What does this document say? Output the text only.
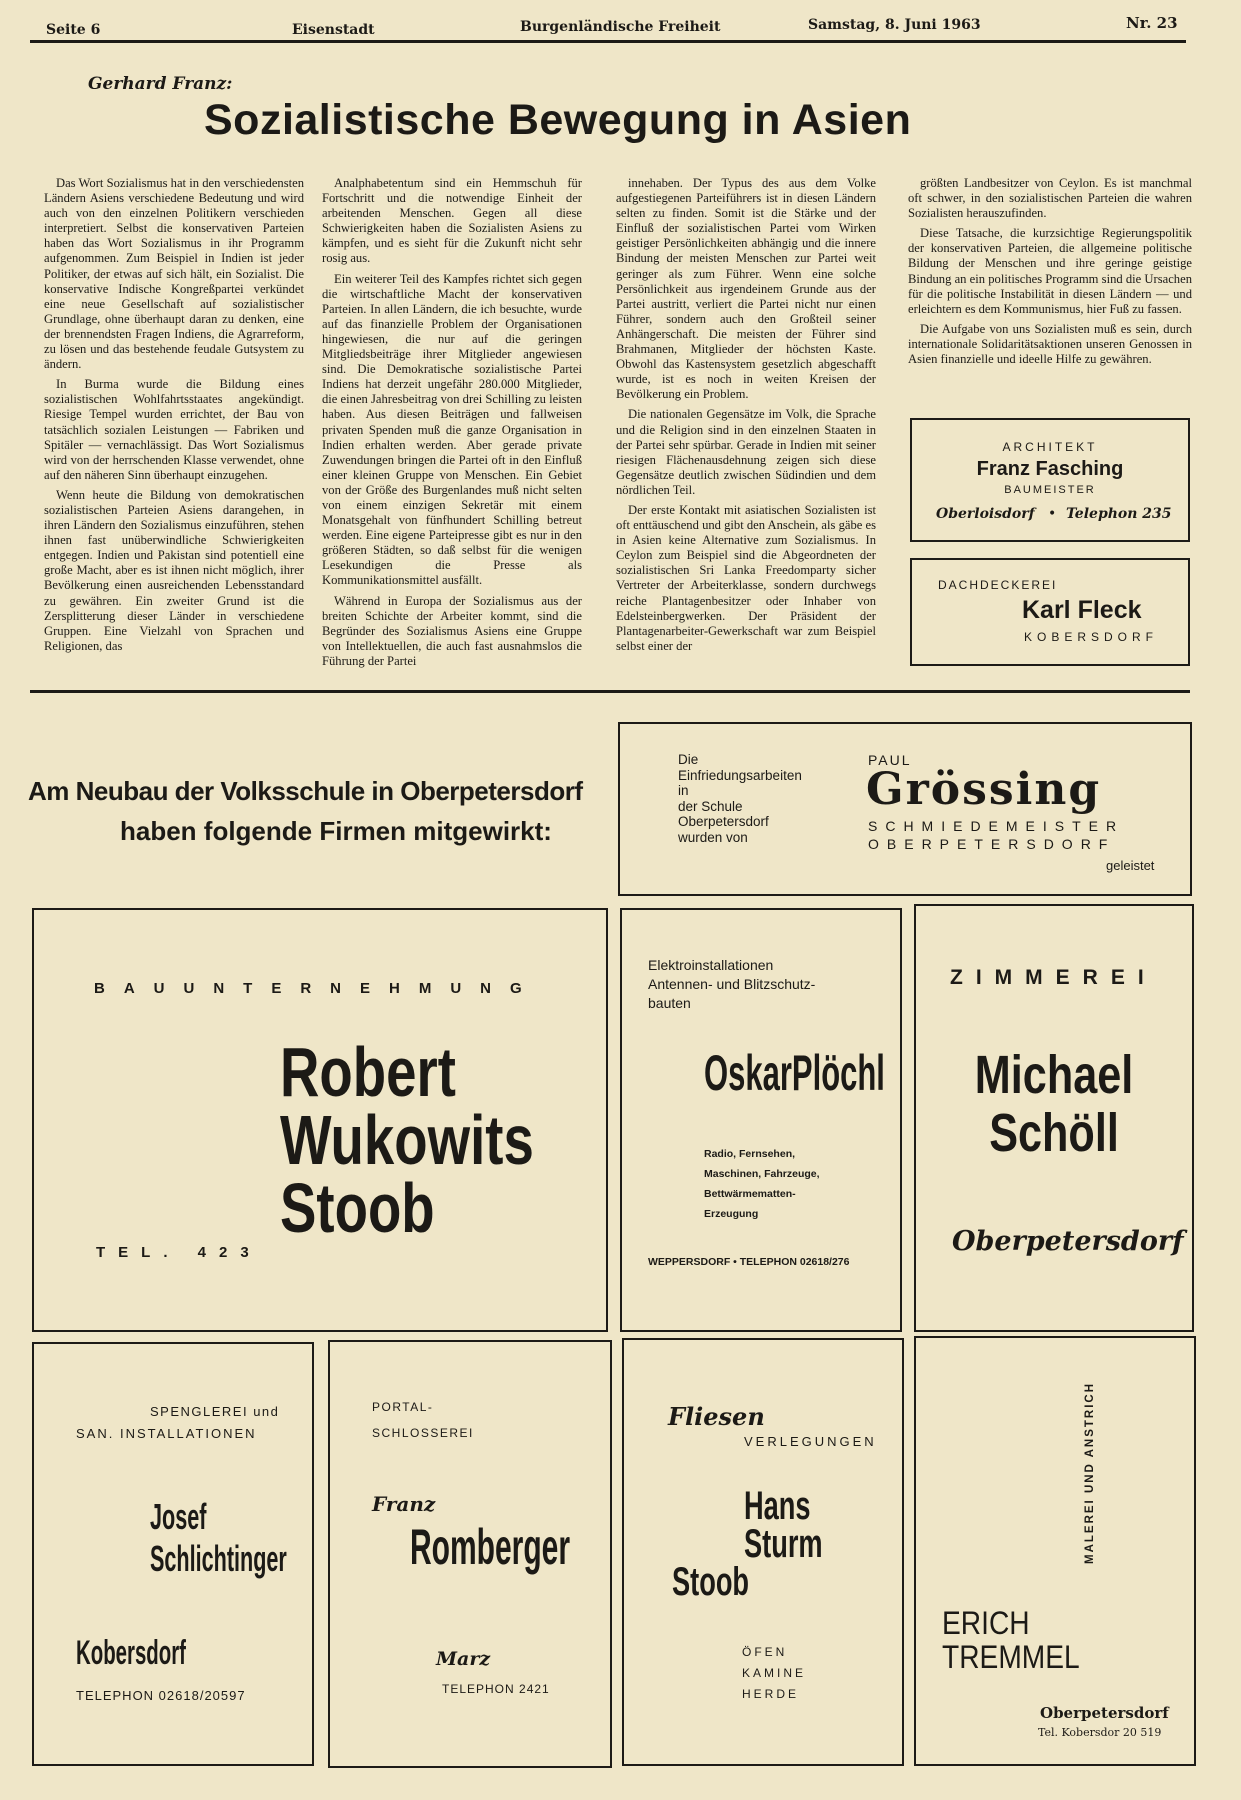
Seite 6	Eisenstadt	Burgenländische Freiheit	Samstag, 8. Juni 1963	Nr. 23
Gerhard Franz:
Sozialistische Bewegung in Asien

Das Wort Sozialismus hat in den verschiedensten Ländern Asiens verschiedene Bedeutung und wird auch von den einzelnen Politikern verschieden interpretiert. Selbst die konservativen Parteien haben das Wort Sozialismus in ihr Programm aufgenommen. Zum Beispiel in Indien ist jeder Politiker, der etwas auf sich hält, ein Sozialist. Die konservative Indische Kongreßpartei verkündet eine neue Gesellschaft auf sozialistischer Grundlage, ohne überhaupt daran zu denken, eine der brennendsten Fragen Indiens, die Agrarreform, zu lösen und das bestehende feudale Gutsystem zu ändern.

In Burma wurde die Bildung eines sozialistischen Wohlfahrtsstaates angekündigt. Riesige Tempel wurden errichtet, der Bau von tatsächlich sozialen Leistungen — Fabriken und Spitäler — vernachlässigt. Das Wort Sozialismus wird von der herrschenden Klasse verwendet, ohne auf den näheren Sinn überhaupt einzugehen.

Wenn heute die Bildung von demokratischen sozialistischen Parteien Asiens darangehen, in ihren Ländern den Sozialismus einzuführen, stehen ihnen fast unüberwindliche Schwierigkeiten entgegen. Indien und Pakistan sind potentiell eine große Macht, aber es ist ihnen nicht möglich, ihrer Bevölkerung einen ausreichenden Lebensstandard zu gewähren. Ein zweiter Grund ist die Zersplitterung dieser Länder in verschiedene Gruppen. Eine Vielzahl von Sprachen und Religionen, das

Analphabetentum sind ein Hemmschuh für Fortschritt und die notwendige Einheit der arbeitenden Menschen. Gegen all diese Schwierigkeiten haben die Sozialisten Asiens zu kämpfen, und es sieht für die Zukunft nicht sehr rosig aus.

Ein weiterer Teil des Kampfes richtet sich gegen die wirtschaftliche Macht der konservativen Parteien. In allen Ländern, die ich besuchte, wurde auf das finanzielle Problem der Organisationen hingewiesen, die nur auf die geringen Mitgliedsbeiträge ihrer Mitglieder angewiesen sind. Die Demokratische sozialistische Partei Indiens hat derzeit ungefähr 280.000 Mitglieder, die einen Jahresbeitrag von drei Schilling zu leisten haben. Aus diesen Beiträgen und fallweisen privaten Spenden muß die ganze Organisation in Indien erhalten werden. Aber gerade private Zuwendungen bringen die Partei oft in den Einfluß einer kleinen Gruppe von Menschen. Ein Gebiet von der Größe des Burgenlandes muß nicht selten von einem einzigen Sekretär mit einem Monatsgehalt von fünfhundert Schilling betreut werden. Eine eigene Parteipresse gibt es nur in den größeren Städten, so daß selbst für die wenigen Lesekundigen die Presse als Kommunikationsmittel ausfällt.

Während in Europa der Sozialismus aus der breiten Schichte der Arbeiter kommt, sind die Begründer des Sozialismus Asiens eine Gruppe von Intellektuellen, die auch fast ausnahmslos die Führung der Partei

innehaben. Der Typus des aus dem Volke aufgestiegenen Parteiführers ist in diesen Ländern selten zu finden. Somit ist die Stärke und der Einfluß der sozialistischen Partei vom Wirken geistiger Persönlichkeiten abhängig und die innere Bindung der meisten Menschen zur Partei weit geringer als zum Führer. Wenn eine solche Persönlichkeit aus irgendeinem Grunde aus der Partei austritt, verliert die Partei nicht nur einen Führer, sondern auch den Großteil seiner Anhängerschaft. Die meisten der Führer sind Brahmanen, Mitglieder der höchsten Kaste. Obwohl das Kastensystem gesetzlich abgeschafft wurde, ist es noch in weiten Kreisen der Bevölkerung ein Problem.

Die nationalen Gegensätze im Volk, die Sprache und die Religion sind in den einzelnen Staaten in der Partei sehr spürbar. Gerade in Indien mit seiner riesigen Flächenausdehnung zeigen sich diese Gegensätze deutlich zwischen Südindien und dem nördlichen Teil.

Der erste Kontakt mit asiatischen Sozialisten ist oft enttäuschend und gibt den Anschein, als gäbe es in Asien keine Alternative zum Sozialismus. In Ceylon zum Beispiel sind die Abgeordneten der sozialistischen Sri Lanka Freedomparty sicher Vertreter der Arbeiterklasse, sondern durchwegs reiche Plantagenbesitzer oder Inhaber von Edelsteinbergwerken. Der Präsident der Plantagenarbeiter-Gewerkschaft war zum Beispiel selbst einer der

größten Landbesitzer von Ceylon. Es ist manchmal oft schwer, in den sozialistischen Parteien die wahren Sozialisten herauszufinden.

Diese Tatsache, die kurzsichtige Regierungspolitik der konservativen Parteien, die allgemeine politische Bildung der Menschen und ihre geringe geistige Bindung an ein politisches Programm sind die Ursachen für die politische Instabilität in diesen Ländern — und erleichtern es dem Kommunismus, hier Fuß zu fassen.

Die Aufgabe von uns Sozialisten muß es sein, durch internationale Solidaritätsaktionen unseren Genossen in Asien finanzielle und ideelle Hilfe zu gewähren.

ARCHITEKT
Franz Fasching
BAUMEISTER
Oberloisdorf • Telephon 235
DACHDECKEREI
Karl Fleck
KOBERSDORF
Am Neubau der Volksschule in Oberpetersdorf
haben folgende Firmen mitgewirkt:
Die
Einfriedungsarbeiten
in
der Schule
Oberpetersdorf
wurden von
PAUL
Grössing
SCHMIEDEMEISTER
OBERPETERSDORF
geleistet
BAUUNTERNEHMUNG
Robert
Wukowits
Stoob
TEL. 423
Elektroinstallationen
Antennen- und Blitzschutz-
bauten
OskarPlöchl
Radio, Fernsehen,
Maschinen, Fahrzeuge,
Bettwärmematten-
Erzeugung
WEPPERSDORF • TELEPHON 02618/276
ZIMMEREI
Michael
Schöll
Oberpetersdorf
SPENGLEREI und
SAN. INSTALLATIONEN
Josef
Schlichtinger
Kobersdorf
TELEPHON 02618/20597
PORTAL-
SCHLOSSEREI
Franz
Romberger
Marz
TELEPHON 2421
Fliesen
VERLEGUNGEN
Hans
Sturm
Stoob
ÖFEN
KAMINE
HERDE
MALEREI UND ANSTRICH
ERICH
TREMMEL
Oberpetersdorf
Tel. Kobersdor 20 519
